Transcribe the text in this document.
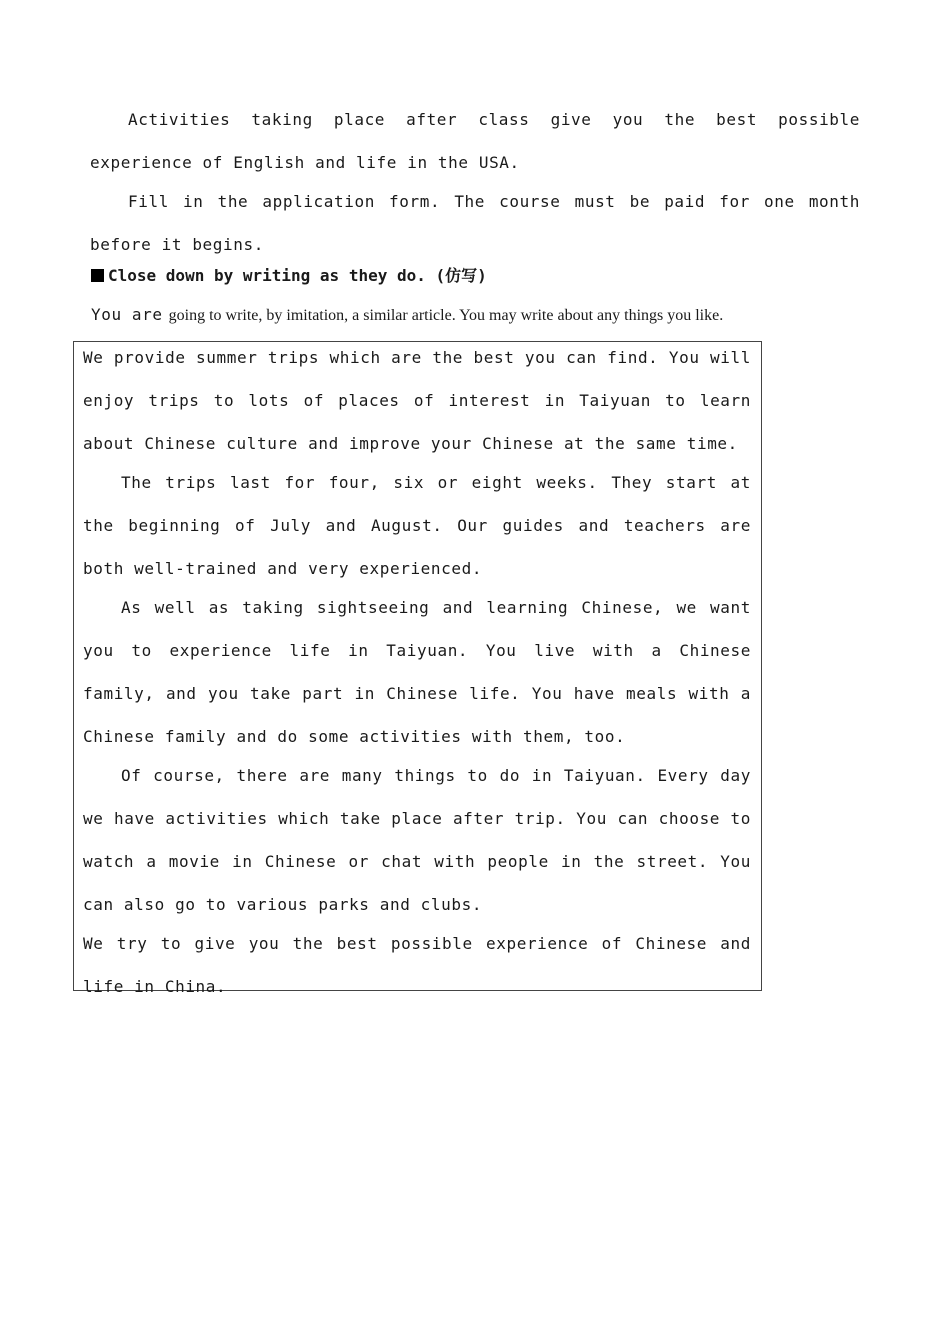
Activities taking place after class give you the best possible experience of English and life in the USA.

Fill in the application form. The course must be paid for one month before it begins.

Close down by writing as they do. (仿写)
You are going to write, by imitation, a similar article. You may write about any things you like.

We provide summer trips which are the best you can find. You will enjoy trips to lots of places of interest in Taiyuan to learn about Chinese culture and improve your Chinese at the same time.

The trips last for four, six or eight weeks. They start at the beginning of July and August. Our guides and teachers are both well-trained and very experienced.

As well as taking sightseeing and learning Chinese, we want you to experience life in Taiyuan. You live with a Chinese family, and you take part in Chinese life. You have meals with a Chinese family and do some activities with them, too.

Of course, there are many things to do in Taiyuan. Every day we have activities which take place after trip. You can choose to watch a movie in Chinese or chat with people in the street. You can also go to various parks and clubs.

We try to give you the best possible experience of Chinese and life in China.
